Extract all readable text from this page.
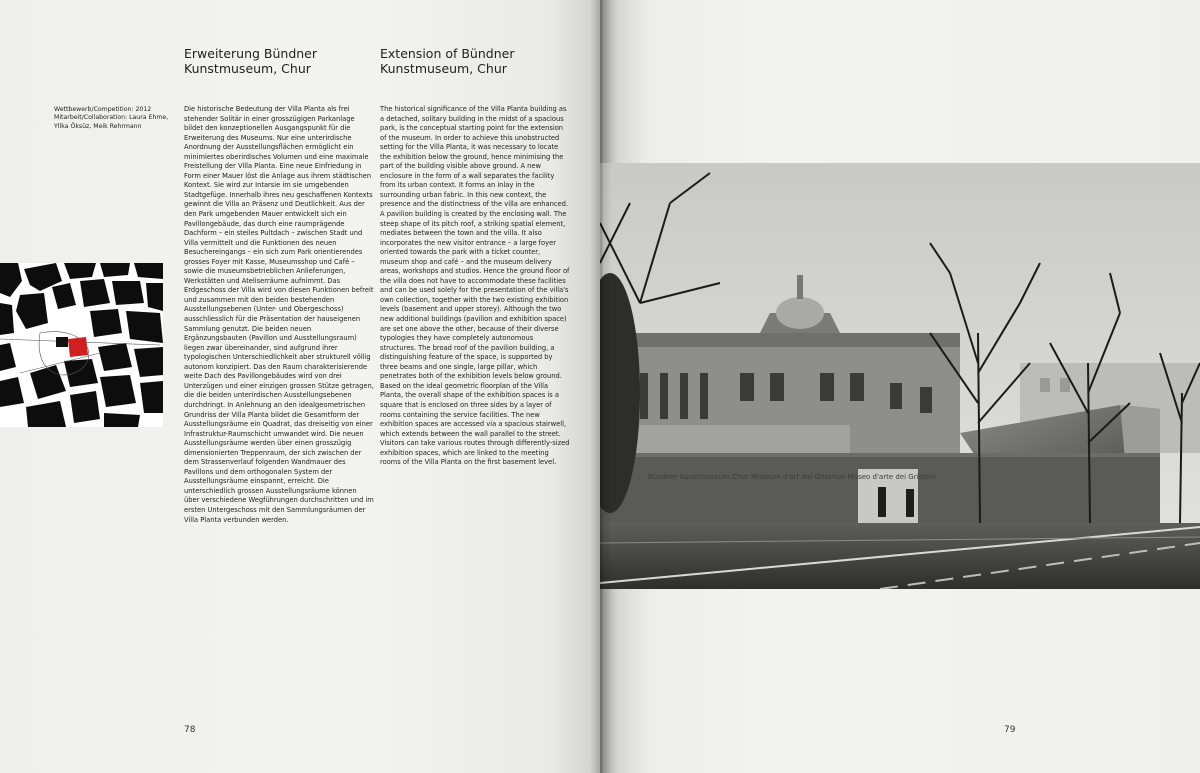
Erweiterung Bündner Kunstmuseum, Chur
Extension of Bündner Kunstmuseum, Chur
Wettbewerb/Competition: 2012 Mitarbeit/Collaboration: Laura Ehme, Yllka Öksüz, Meik Rehrmann

Die historische Bedeutung der Villa Planta als frei stehender Solitär in einer grosszügigen Parkanlage bildet den konzeptionellen Ausgangspunkt für die Erweiterung des Museums. Nur eine unterirdische Anordnung der Ausstellungsflächen ermöglicht ein minimiertes oberirdisches Volumen und eine maximale Freistellung der Villa Planta. Eine neue Einfriedung in Form einer Mauer löst die Anlage aus ihrem städtischen Kontext. Sie wird zur Intarsie im sie umgebenden Stadtgefüge. Innerhalb ihres neu geschaffenen Kontexts gewinnt die Villa an Präsenz und Deutlichkeit. Aus der den Park umgebenden Mauer entwickelt sich ein Pavillongebäude, das durch eine raumprägende Dachform – ein steiles Pultdach – zwischen Stadt und Villa vermittelt und die Funktionen des neuen Besuchereingangs – ein sich zum Park orientierendes grosses Foyer mit Kasse, Museumsshop und Café – sowie die museumsbetrieblichen Anlieferungen, Werkstätten und Ateliserräume aufnimmt. Das Erdgeschoss der Villa wird von diesen Funktionen befreit und zusammen mit den beiden bestehenden Ausstellungsebenen (Unter- und Obergeschoss) ausschliesslich für die Präsentation der hauseigenen Sammlung genutzt. Die beiden neuen Ergänzungsbauten (Pavillon und Ausstellungsraum) liegen zwar übereinander, sind aufgrund ihrer typologischen Unterschiedlichkeit aber strukturell völlig autonom konzipiert. Das den Raum charakterisierende weite Dach des Pavillongebäudes wird von drei Unterzügen und einer einzigen grossen Stütze getragen, die die beiden unterirdischen Ausstellungsebenen durchdringt. In Anlehnung an den idealgeometrischen Grundriss der Villa Planta bildet die Gesamtform der Ausstellungsräume ein Quadrat, das dreiseitig von einer Infrastruktur-Raumschicht umwandet wird. Die neuen Ausstellungsräume werden über einen grosszügig dimensionierten Treppenraum, der sich zwischen der dem Strassenverlauf folgenden Wandmauer des Pavillons und dem orthogonalen System der Ausstellungsräume einspannt, erreicht. Die unterschiedlich grossen Ausstellungsräume können über verschiedene Wegführungen durchschritten und im ersten Untergeschoss mit den Sammlungsräumen der Villa Planta verbunden werden.

The historical significance of the Villa Planta building as a detached, solitary building in the midst of a spacious park, is the conceptual starting point for the extension of the museum. In order to achieve this unobstructed setting for the Villa Planta, it was necessary to locate the exhibition below the ground, hence minimising the part of the building visible above ground. A new enclosure in the form of a wall separates the facility from its urban context. It forms an inlay in the surrounding urban fabric. In this new context, the presence and the distinctness of the villa are enhanced. A pavilion building is created by the enclosing wall. The steep shape of its pitch roof, a striking spatial element, mediates between the town and the villa. It also incorporates the new visitor entrance – a large foyer oriented towards the park with a ticket counter, museum shop and café – and the museum delivery areas, workshops and studios. Hence the ground floor of the villa does not have to accommodate these facilities and can be used solely for the presentation of the villa's own collection, together with the two existing exhibition levels (basement and upper storey). Although the two new additional buildings (pavilion and exhibition space) are set one above the other, because of their diverse typologies they have completely autonomous structures. The broad roof of the pavilion building, a distinguishing feature of the space, is supported by three beams and one single, large pillar, which penetrates both of the exhibition levels below ground. Based on the ideal geometric floorplan of the Villa Planta, the overall shape of the exhibition spaces is a square that is enclosed on three sides by a layer of rooms containing the service facilities. The new exhibition spaces are accessed via a spacious stairwell, which extends between the wall parallel to the street. Visitors can take various routes through differently-sized exhibition spaces, which are linked to the meeting rooms of the Villa Planta on the first basement level.

78
Bündner Kunstmuseum Chur Museum d'art dal Grischun Museo d'arte dei Grigioni
79
